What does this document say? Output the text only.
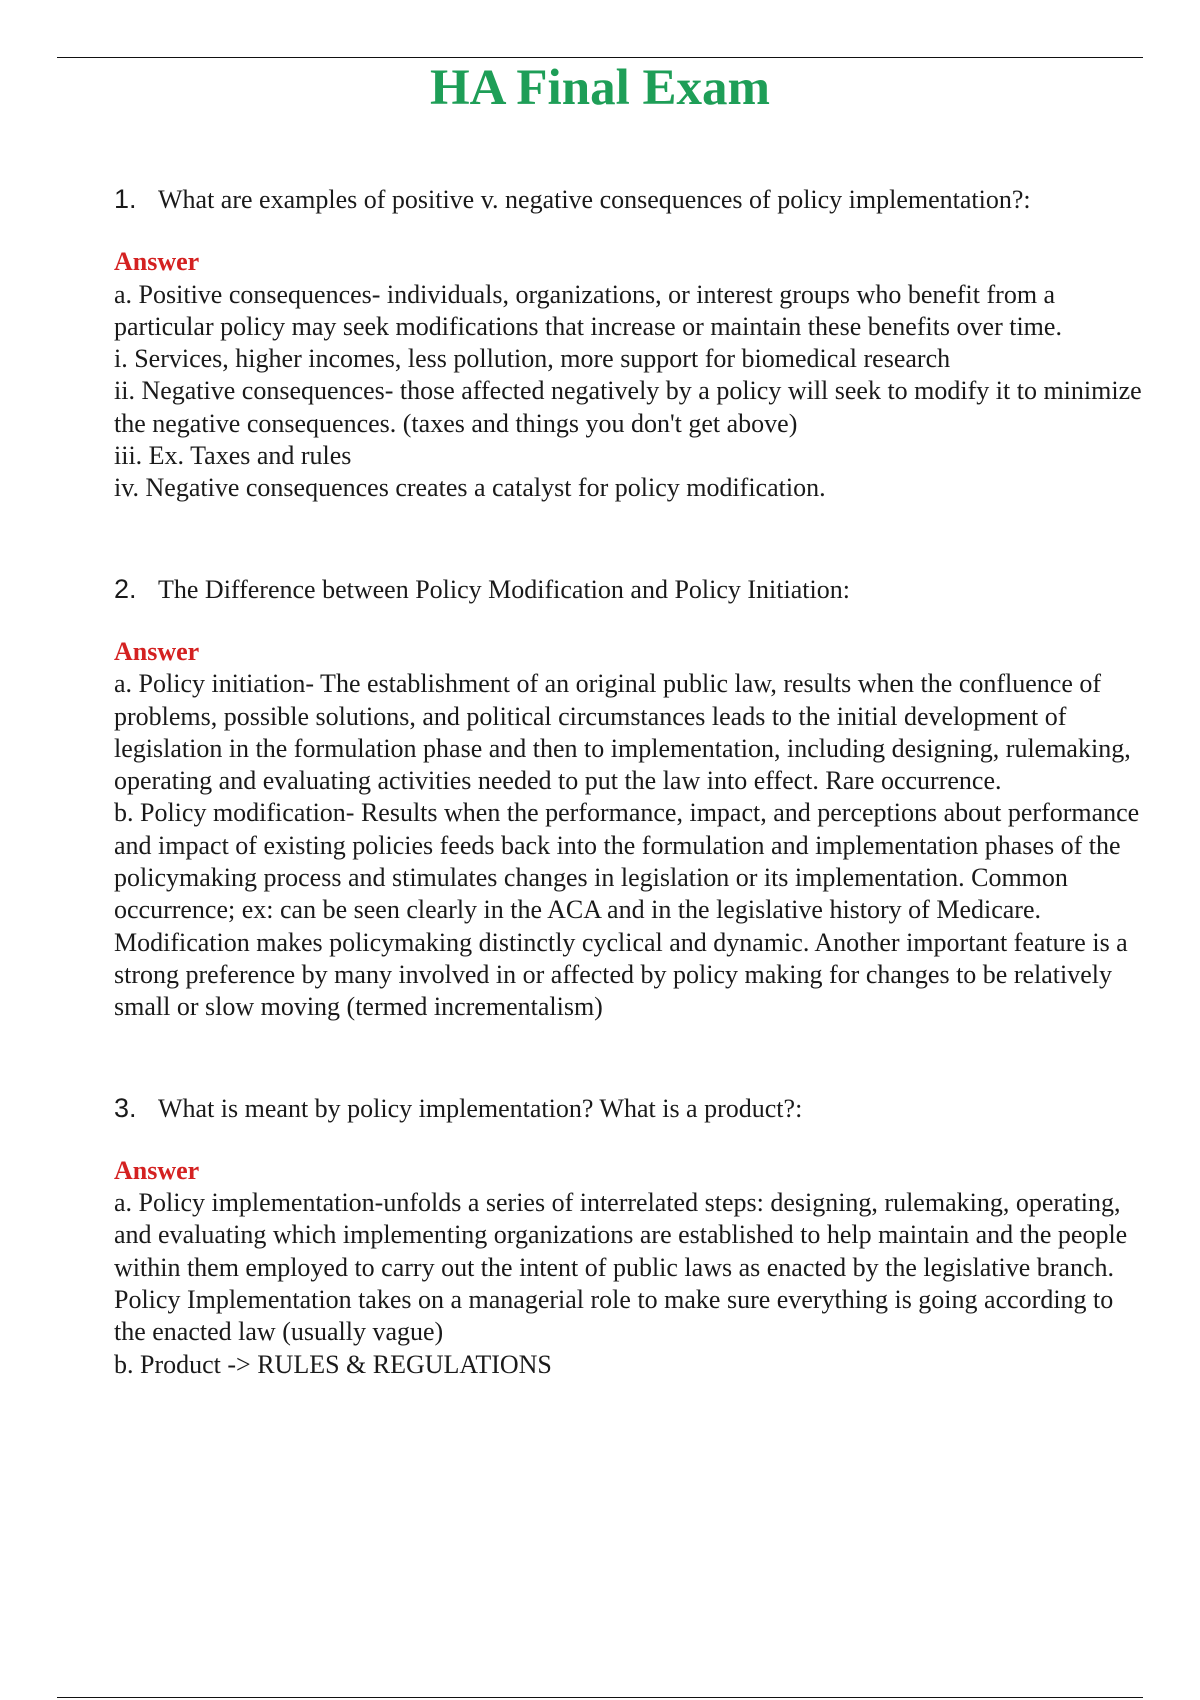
HA Final Exam

1. What are examples of positive v. negative consequences of policy implementation?:

Answer
a. Positive consequences- individuals, organizations, or interest groups who benefit from a particular policy may seek modifications that increase or maintain these benefits over time.
i. Services, higher incomes, less pollution, more support for biomedical research
ii. Negative consequences- those affected negatively by a policy will seek to modify it to minimize the negative consequences. (taxes and things you don't get above)
iii. Ex. Taxes and rules
iv. Negative consequences creates a catalyst for policy modification.

2. The Difference between Policy Modification and Policy Initiation:

Answer
a. Policy initiation- The establishment of an original public law, results when the confluence of problems, possible solutions, and political circumstances leads to the initial development of legislation in the formulation phase and then to implementation, including designing, rulemaking, operating and evaluating activities needed to put the law into effect. Rare occurrence.
b. Policy modification- Results when the performance, impact, and perceptions about performance and impact of existing policies feeds back into the formulation and implementation phases of the policymaking process and stimulates changes in legislation or its implementation. Common occurrence; ex: can be seen clearly in the ACA and in the legislative history of Medicare. Modification makes policymaking distinctly cyclical and dynamic. Another important feature is a strong preference by many involved in or affected by policy making for changes to be relatively small or slow moving (termed incrementalism)

3. What is meant by policy implementation? What is a product?:

Answer
a. Policy implementation-unfolds a series of interrelated steps: designing, rulemaking, operating, and evaluating which implementing organizations are established to help maintain and the people within them employed to carry out the intent of public laws as enacted by the legislative branch. Policy Implementation takes on a managerial role to make sure everything is going according to the enacted law (usually vague)
b. Product -> RULES & REGULATIONS
